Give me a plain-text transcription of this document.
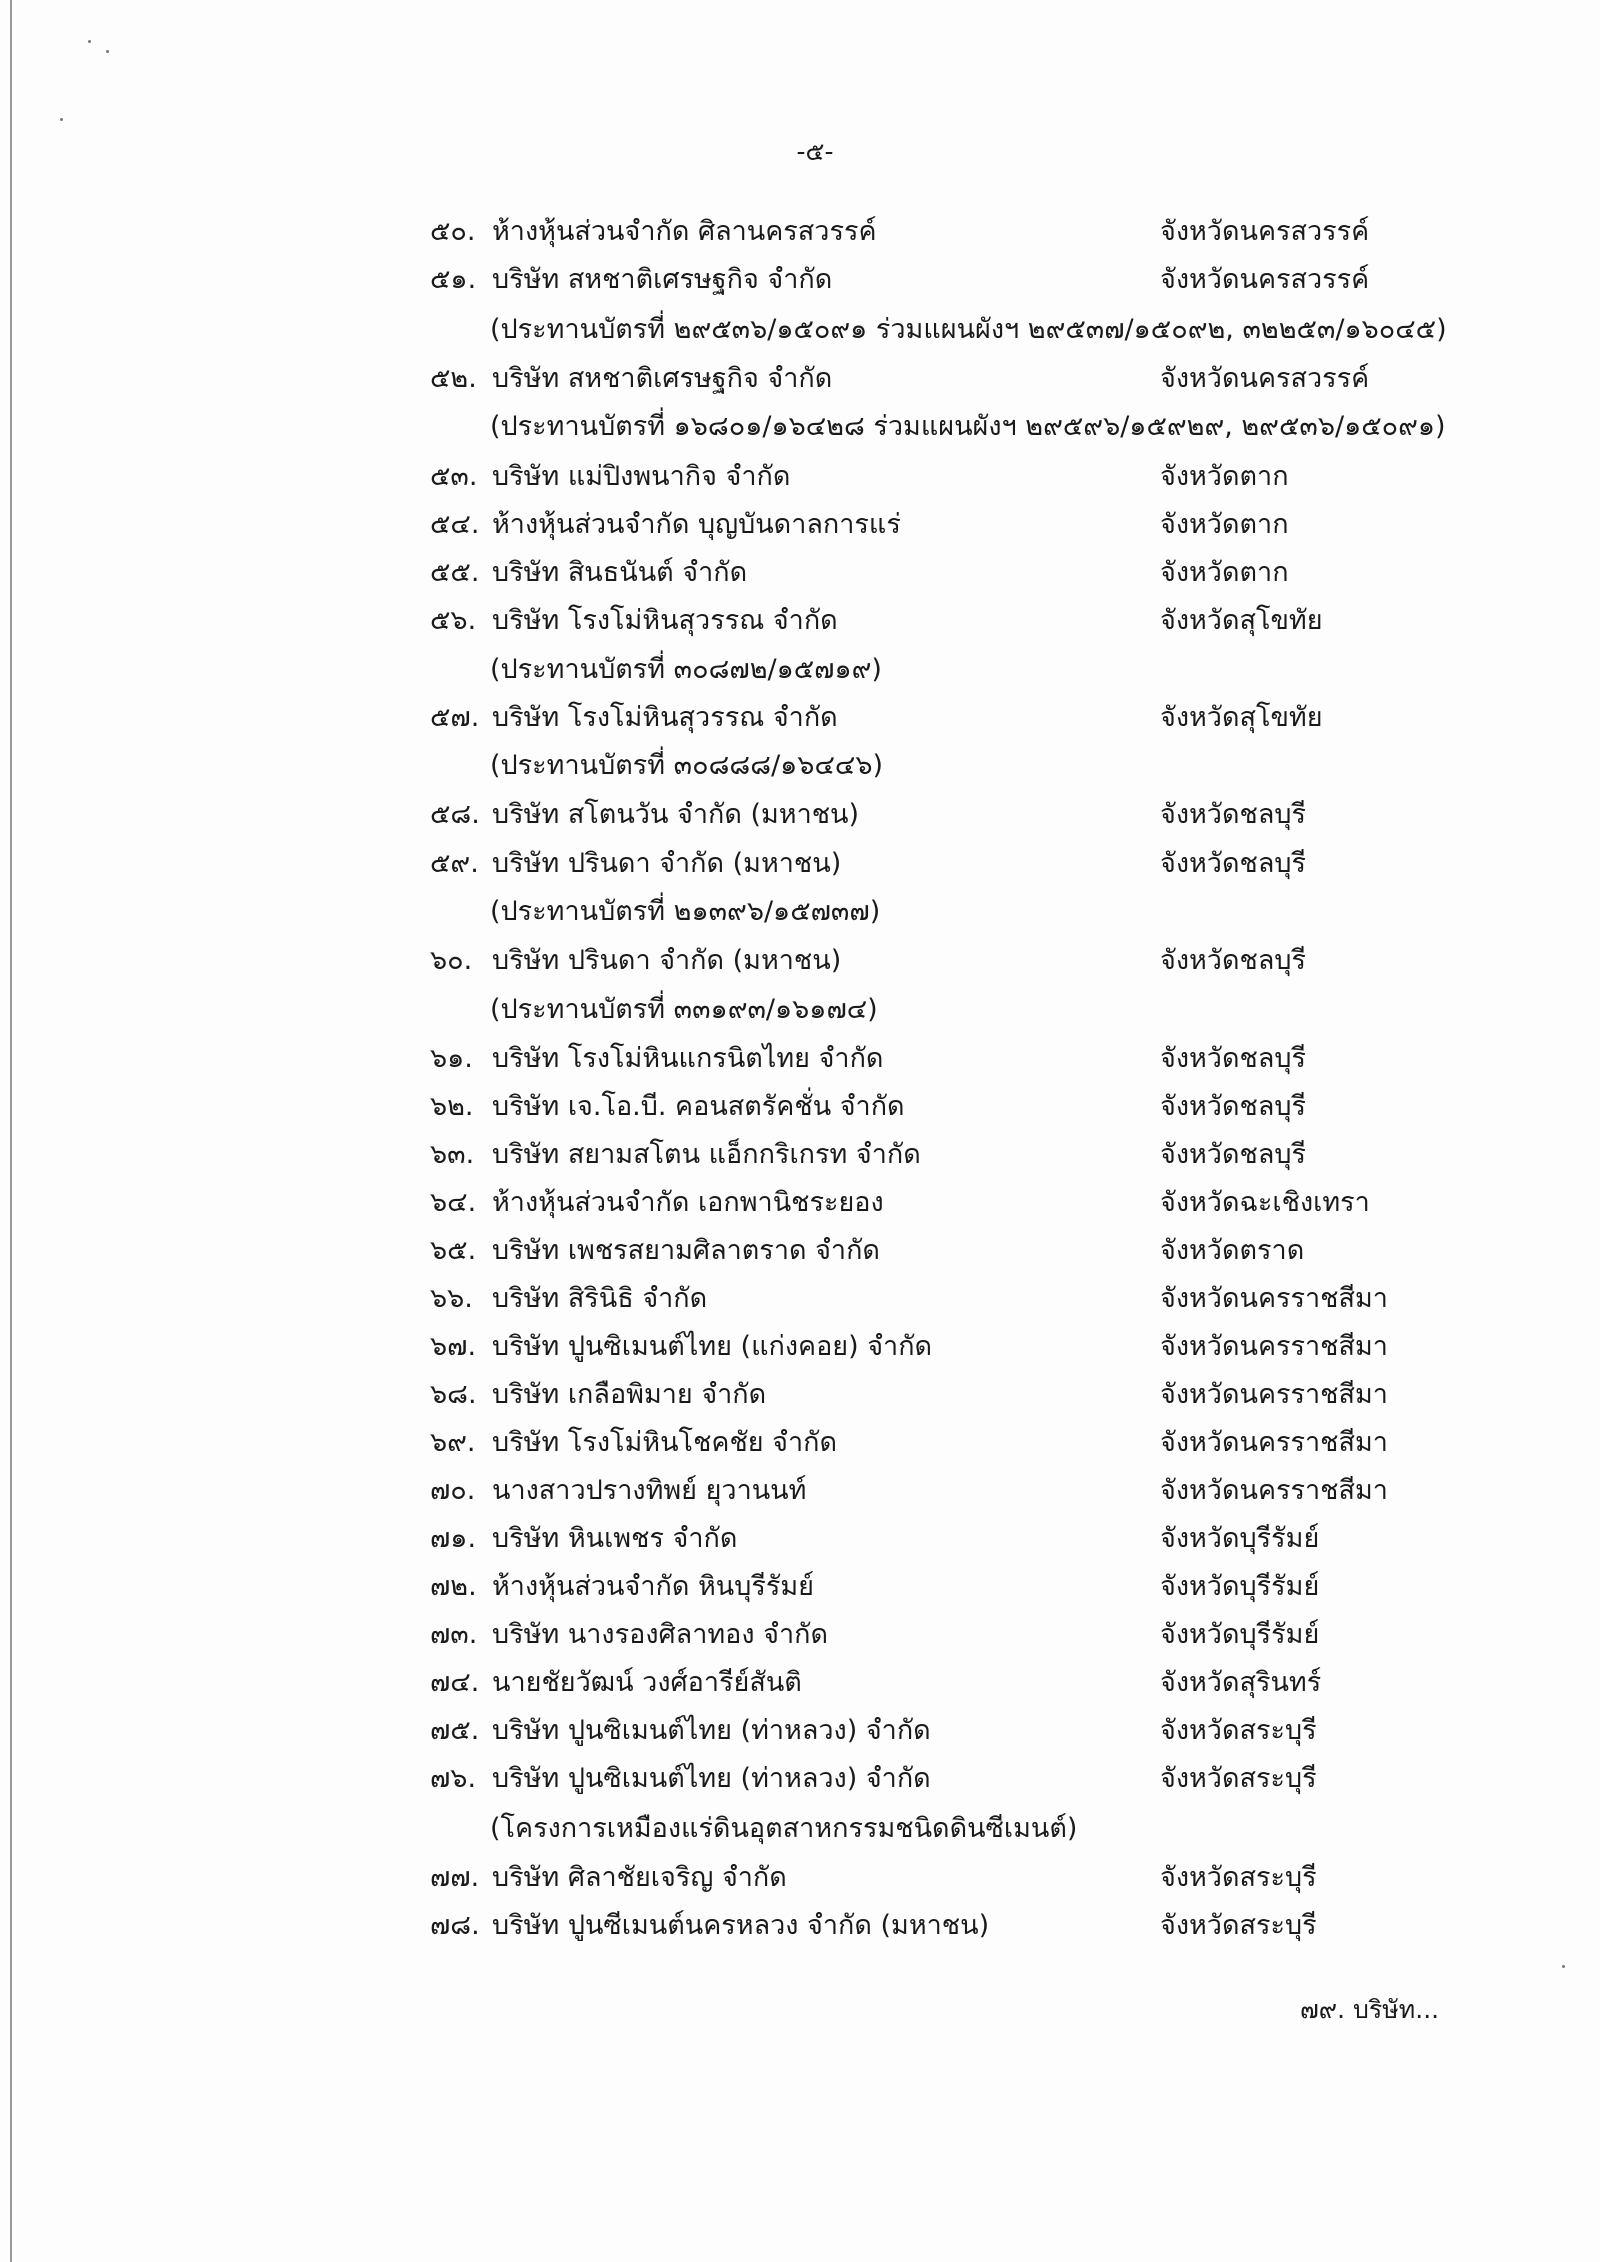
-๕-
๕๐. ห้างหุ้นส่วนจำกัด ศิลานครสวรรค์	จังหวัดนครสวรรค์
๕๑. บริษัท สหชาติเศรษฐกิจ จำกัด	จังหวัดนครสวรรค์
(ประทานบัตรที่ ๒๙๕๓๖/๑๕๐๙๑ ร่วมแผนผังฯ ๒๙๕๓๗/๑๕๐๙๒, ๓๒๒๕๓/๑๖๐๔๕)
๕๒. บริษัท สหชาติเศรษฐกิจ จำกัด	จังหวัดนครสวรรค์
(ประทานบัตรที่ ๑๖๘๐๑/๑๖๔๒๘ ร่วมแผนผังฯ ๒๙๕๙๖/๑๕๙๒๙, ๒๙๕๓๖/๑๕๐๙๑)
๕๓. บริษัท แม่ปิงพนากิจ จำกัด	จังหวัดตาก
๕๔. ห้างหุ้นส่วนจำกัด บุญบันดาลการแร่	จังหวัดตาก
๕๕. บริษัท สินธนันต์ จำกัด	จังหวัดตาก
๕๖. บริษัท โรงโม่หินสุวรรณ จำกัด	จังหวัดสุโขทัย
(ประทานบัตรที่ ๓๐๘๗๒/๑๕๗๑๙)
๕๗. บริษัท โรงโม่หินสุวรรณ จำกัด	จังหวัดสุโขทัย
(ประทานบัตรที่ ๓๐๘๘๘/๑๖๔๔๖)
๕๘. บริษัท สโตนวัน จำกัด (มหาชน)	จังหวัดชลบุรี
๕๙. บริษัท ปรินดา จำกัด (มหาชน)	จังหวัดชลบุรี
(ประทานบัตรที่ ๒๑๓๙๖/๑๕๗๓๗)
๖๐. บริษัท ปรินดา จำกัด (มหาชน)	จังหวัดชลบุรี
(ประทานบัตรที่ ๓๓๑๙๓/๑๖๑๗๔)
๖๑. บริษัท โรงโม่หินแกรนิตไทย จำกัด	จังหวัดชลบุรี
๖๒. บริษัท เจ.โอ.บี. คอนสตรัคชั่น จำกัด	จังหวัดชลบุรี
๖๓. บริษัท สยามสโตน แอ็กกริเกรท จำกัด	จังหวัดชลบุรี
๖๔. ห้างหุ้นส่วนจำกัด เอกพานิชระยอง	จังหวัดฉะเชิงเทรา
๖๕. บริษัท เพชรสยามศิลาตราด จำกัด	จังหวัดตราด
๖๖. บริษัท สิรินิธิ จำกัด	จังหวัดนครราชสีมา
๖๗. บริษัท ปูนซิเมนต์ไทย (แก่งคอย) จำกัด	จังหวัดนครราชสีมา
๖๘. บริษัท เกลือพิมาย จำกัด	จังหวัดนครราชสีมา
๖๙. บริษัท โรงโม่หินโชคชัย จำกัด	จังหวัดนครราชสีมา
๗๐. นางสาวปรางทิพย์ ยุวานนท์	จังหวัดนครราชสีมา
๗๑. บริษัท หินเพชร จำกัด	จังหวัดบุรีรัมย์
๗๒. ห้างหุ้นส่วนจำกัด หินบุรีรัมย์	จังหวัดบุรีรัมย์
๗๓. บริษัท นางรองศิลาทอง จำกัด	จังหวัดบุรีรัมย์
๗๔. นายชัยวัฒน์ วงศ์อารีย์สันติ	จังหวัดสุรินทร์
๗๕. บริษัท ปูนซิเมนต์ไทย (ท่าหลวง) จำกัด	จังหวัดสระบุรี
๗๖. บริษัท ปูนซิเมนต์ไทย (ท่าหลวง) จำกัด	จังหวัดสระบุรี
(โครงการเหมืองแร่ดินอุตสาหกรรมชนิดดินซีเมนต์)
๗๗. บริษัท ศิลาชัยเจริญ จำกัด	จังหวัดสระบุรี
๗๘. บริษัท ปูนซีเมนต์นครหลวง จำกัด (มหาชน)	จังหวัดสระบุรี
๗๙. บริษัท...
